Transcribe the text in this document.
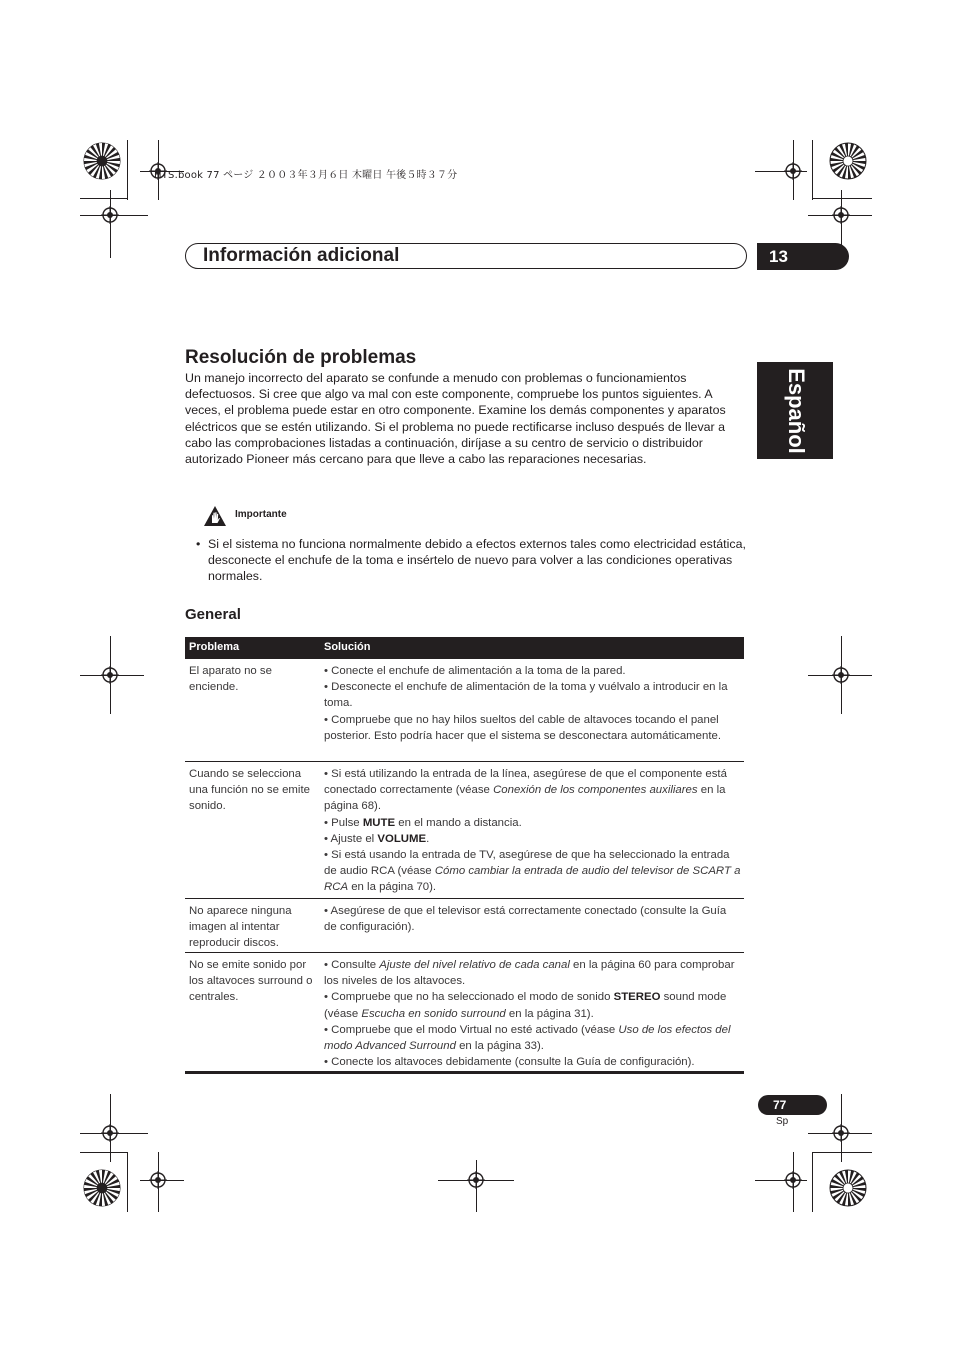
HTS.book 77 ページ ２００３年３月６日 木曜日 午後５時３７分
Información adicional	13
Español
Resolución de problemas

Un manejo incorrecto del aparato se confunde a menudo con problemas o funcionamientos defectuosos. Si cree que algo va mal con este componente, compruebe los puntos siguientes. A veces, el problema puede estar en otro componente. Examine los demás componentes y aparatos eléctricos que se estén utilizando. Si el problema no puede rectificarse incluso después de llevar a cabo las comprobaciones listadas a continuación, diríjase a su centro de servicio o distribuidor autorizado Pioneer más cercano para que lleve a cabo las reparaciones necesarias.

Importante
• Si el sistema no funciona normalmente debido a efectos externos tales como electricidad estática, desconecte el enchufe de la toma e insértelo de nuevo para volver a las condiciones operativas normales.
General
Problema	Solución
El aparato no se enciende.
• Conecte el enchufe de alimentación a la toma de la pared.
• Desconecte el enchufe de alimentación de la toma y vuélvalo a introducir en la toma.
• Compruebe que no hay hilos sueltos del cable de altavoces tocando el panel posterior. Esto podría hacer que el sistema se desconectara automáticamente.
Cuando se selecciona una función no se emite sonido.
• Si está utilizando la entrada de la línea, asegúrese de que el componente está conectado correctamente (véase Conexión de los componentes auxiliares en la página 68).
• Pulse MUTE en el mando a distancia.
• Ajuste el VOLUME.
• Si está usando la entrada de TV, asegúrese de que ha seleccionado la entrada de audio RCA (véase Cómo cambiar la entrada de audio del televisor de SCART a RCA en la página 70).
No aparece ninguna imagen al intentar reproducir discos.
• Asegúrese de que el televisor está correctamente conectado (consulte la Guía de configuración).
No se emite sonido por los altavoces surround o centrales.
• Consulte Ajuste del nivel relativo de cada canal en la página 60 para comprobar los niveles de los altavoces.
• Compruebe que no ha seleccionado el modo de sonido STEREO sound mode (véase Escucha en sonido surround en la página 31).
• Compruebe que el modo Virtual no esté activado (véase Uso de los efectos del modo Advanced Surround en la página 33).
• Conecte los altavoces debidamente (consulte la Guía de configuración).
77
Sp
